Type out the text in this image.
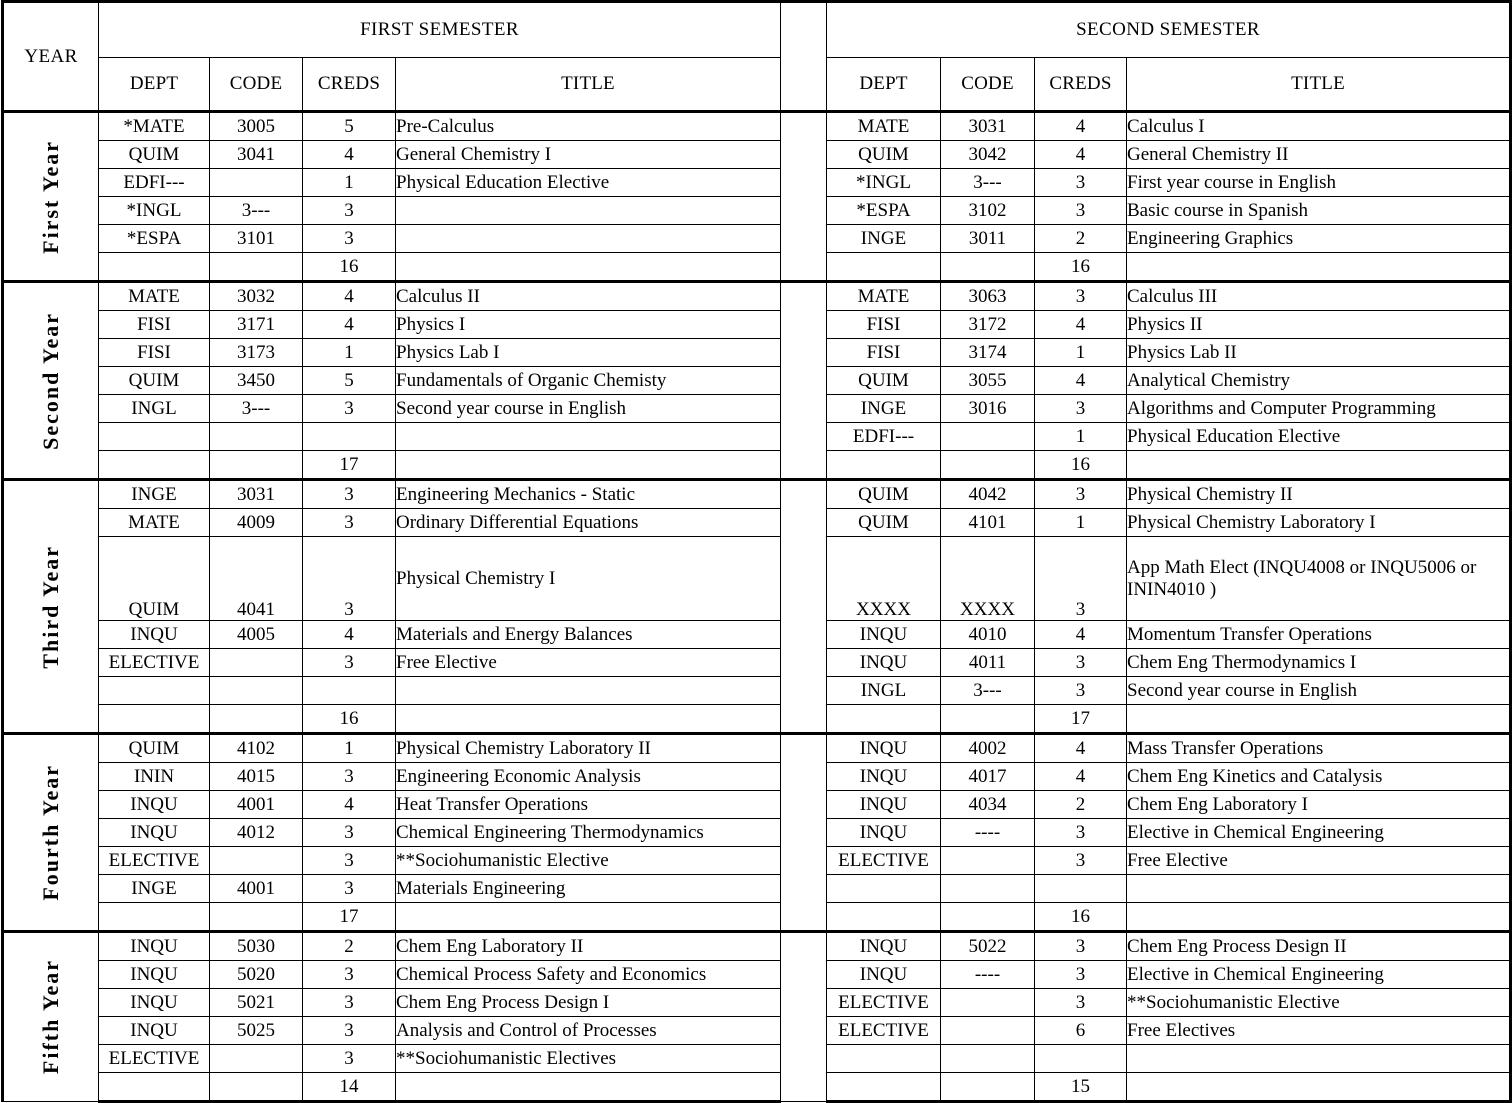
YEAR	FIRST SEMESTER					SECOND SEMESTER			
	DEPT	CODE	CREDS	TITLE		DEPT	CODE	CREDS	TITLE

First Year	*MATE	3005	5	Pre-Calculus		MATE	3031	4	Calculus I
	QUIM	3041	4	General Chemistry I		QUIM	3042	4	General Chemistry II
	EDFI---		1	Physical Education Elective		*INGL	3---	3	First year course in English
	*INGL	3---	3			*ESPA	3102	3	Basic course in Spanish
	*ESPA	3101	3			INGE	3011	2	Engineering Graphics
			16					16	

Second Year	MATE	3032	4	Calculus II		MATE	3063	3	Calculus III
	FISI	3171	4	Physics I		FISI	3172	4	Physics II
	FISI	3173	1	Physics Lab I		FISI	3174	1	Physics Lab II
	QUIM	3450	5	Fundamentals of Organic Chemisty		QUIM	3055	4	Analytical Chemistry
	INGL	3---	3	Second year course in English		INGE	3016	3	Algorithms and Computer Programming
						EDFI---		1	Physical Education Elective
			17					16	

Third Year	INGE	3031	3	Engineering Mechanics - Static		QUIM	4042	3	Physical Chemistry II
	MATE	4009	3	Ordinary Differential Equations		QUIM	4101	1	Physical Chemistry Laboratory I
	QUIM	4041	3	Physical Chemistry I		XXXX	XXXX	3	App Math Elect (INQU4008 or INQU5006 or ININ4010 )
	INQU	4005	4	Materials and Energy Balances		INQU	4010	4	Momentum Transfer Operations
	ELECTIVE		3	Free Elective		INQU	4011	3	Chem Eng Thermodynamics I
						INGL	3---	3	Second year course in English
			16					17	

Fourth Year	QUIM	4102	1	Physical Chemistry Laboratory II		INQU	4002	4	Mass Transfer Operations
	ININ	4015	3	Engineering Economic Analysis		INQU	4017	4	Chem Eng Kinetics and Catalysis
	INQU	4001	4	Heat Transfer Operations		INQU	4034	2	Chem Eng Laboratory I
	INQU	4012	3	Chemical Engineering Thermodynamics		INQU	----	3	Elective in Chemical Engineering
	ELECTIVE		3	**Sociohumanistic Elective		ELECTIVE		3	Free Elective
	INGE	4001	3	Materials Engineering					
			17					16	

Fifth Year	INQU	5030	2	Chem Eng Laboratory II		INQU	5022	3	Chem Eng Process Design II
	INQU	5020	3	Chemical Process Safety and Economics		INQU	----	3	Elective in Chemical Engineering
	INQU	5021	3	Chem Eng Process Design I		ELECTIVE		3	**Sociohumanistic Elective
	INQU	5025	3	Analysis and Control of Processes		ELECTIVE		6	Free Electives
	ELECTIVE		3	**Sociohumanistic Electives					
			14					15	
